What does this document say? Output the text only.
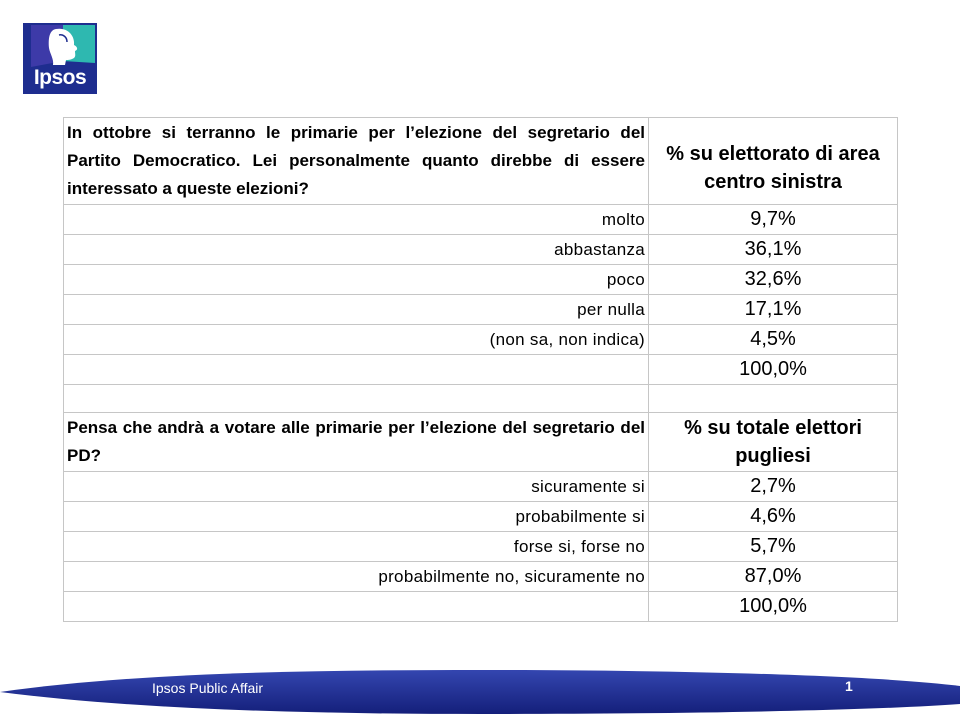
Ipsos
In ottobre si terranno le primarie per l’elezione del segretario del Partito Democratico. Lei personalmente quanto direbbe di essere interessato a queste elezioni?	% su elettorato di area centro sinistra

molto	9,7%
abbastanza	36,1%
poco	32,6%
per nulla	17,1%
(non sa, non indica)	4,5%
	100,0%

Pensa che andrà a votare alle primarie per l’elezione del segretario del PD?	% su totale elettori pugliesi
sicuramente si	2,7%
probabilmente si	4,6%
forse si, forse no	5,7%
probabilmente no, sicuramente no	87,0%
	100,0%
Ipsos Public Affair	1
